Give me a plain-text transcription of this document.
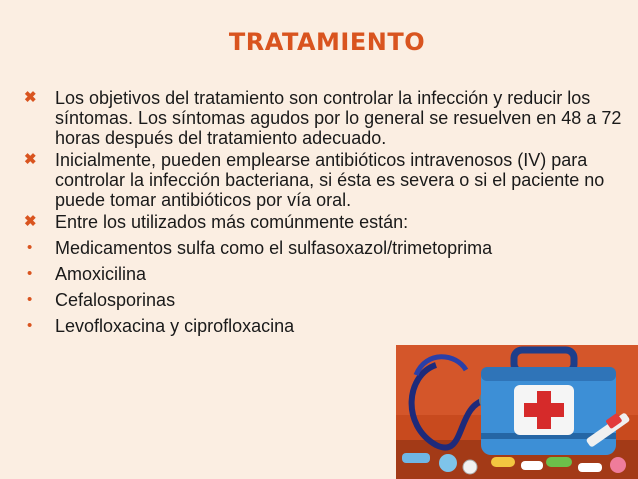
TRATAMIENTO
✖ Los objetivos del tratamiento son controlar la infección y reducir los síntomas. Los síntomas agudos por lo general se resuelven en 48 a 72 horas después del tratamiento adecuado.
✖ Inicialmente, pueden emplearse antibióticos intravenosos (IV) para controlar la infección bacteriana, si ésta es severa o si el paciente no puede tomar antibióticos por vía oral.
✖ Entre los utilizados más comúnmente están:
• Medicamentos sulfa como el sulfasoxazol/trimetoprima
• Amoxicilina
• Cefalosporinas
• Levofloxacina y ciprofloxacina
